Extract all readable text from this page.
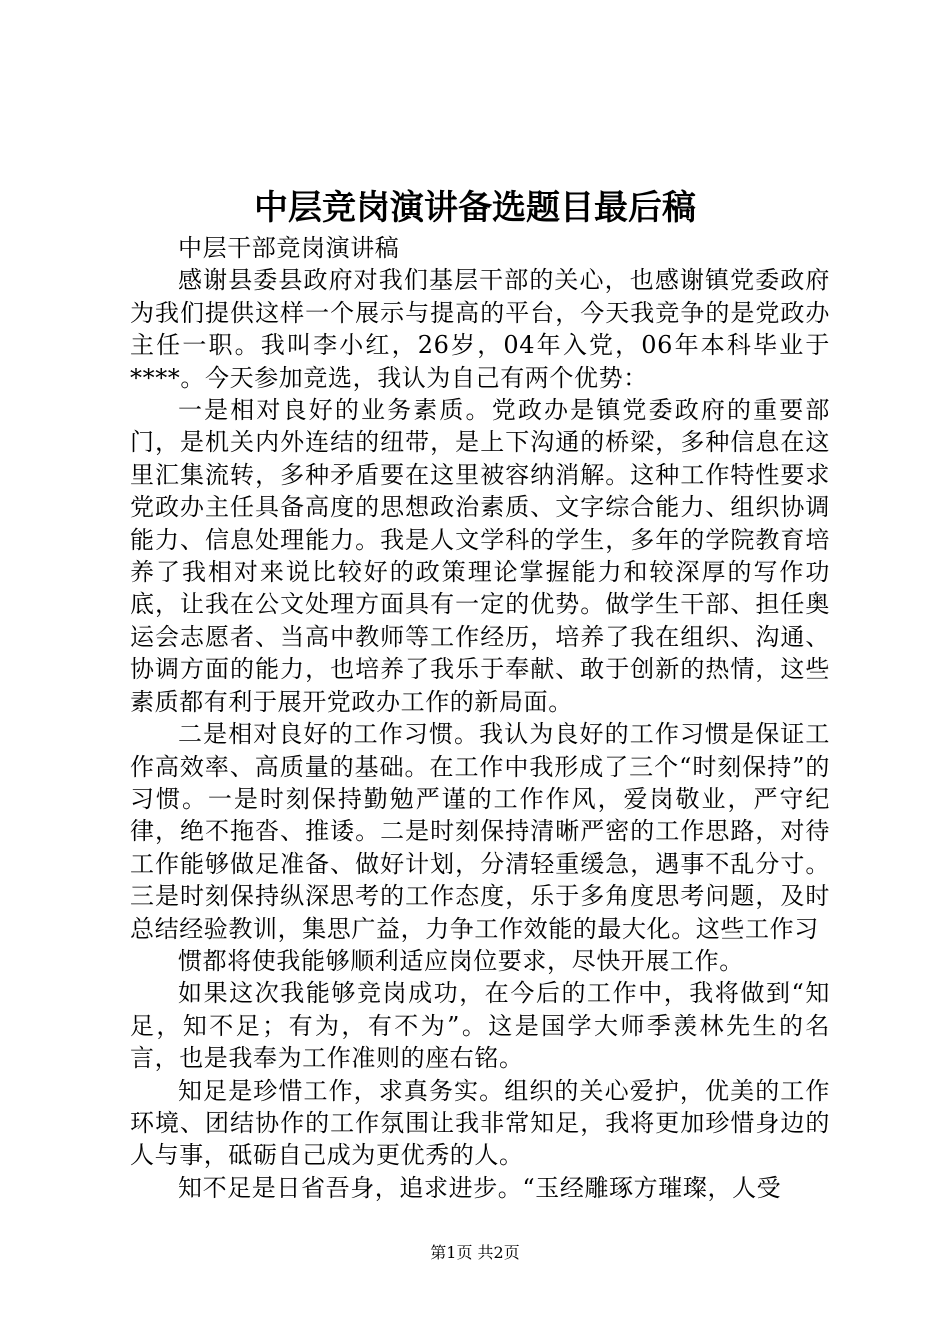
中层竞岗演讲备选题目最后稿

中层干部竞岗演讲稿

感谢县委县政府对我们基层干部的关心，也感谢镇党委政府为我们提供这样一个展示与提高的平台，今天我竞争的是党政办主任一职。我叫李小红，26岁，04年入党，06年本科毕业于****。今天参加竞选，我认为自己有两个优势：

一是相对良好的业务素质。党政办是镇党委政府的重要部门，是机关内外连结的纽带，是上下沟通的桥梁，多种信息在这里汇集流转，多种矛盾要在这里被容纳消解。这种工作特性要求党政办主任具备高度的思想政治素质、文字综合能力、组织协调能力、信息处理能力。我是人文学科的学生，多年的学院教育培养了我相对来说比较好的政策理论掌握能力和较深厚的写作功底，让我在公文处理方面具有一定的优势。做学生干部、担任奥运会志愿者、当高中教师等工作经历，培养了我在组织、沟通、协调方面的能力，也培养了我乐于奉献、敢于创新的热情，这些素质都有利于展开党政办工作的新局面。

二是相对良好的工作习惯。我认为良好的工作习惯是保证工作高效率、高质量的基础。在工作中我形成了三个“时刻保持”的习惯。一是时刻保持勤勉严谨的工作作风，爱岗敬业，严守纪律，绝不拖沓、推诿。二是时刻保持清晰严密的工作思路，对待工作能够做足准备、做好计划，分清轻重缓急，遇事不乱分寸。三是时刻保持纵深思考的工作态度，乐于多角度思考问题，及时总结经验教训，集思广益，力争工作效能的最大化。这些工作习

惯都将使我能够顺利适应岗位要求，尽快开展工作。

如果这次我能够竞岗成功，在今后的工作中，我将做到“知足，知不足；有为，有不为”。这是国学大师季羡林先生的名言，也是我奉为工作准则的座右铭。

知足是珍惜工作，求真务实。组织的关心爱护，优美的工作环境、团结协作的工作氛围让我非常知足，我将更加珍惜身边的人与事，砥砺自己成为更优秀的人。

知不足是日省吾身，追求进步。“玉经雕琢方璀璨，人受

第1页 共2页
